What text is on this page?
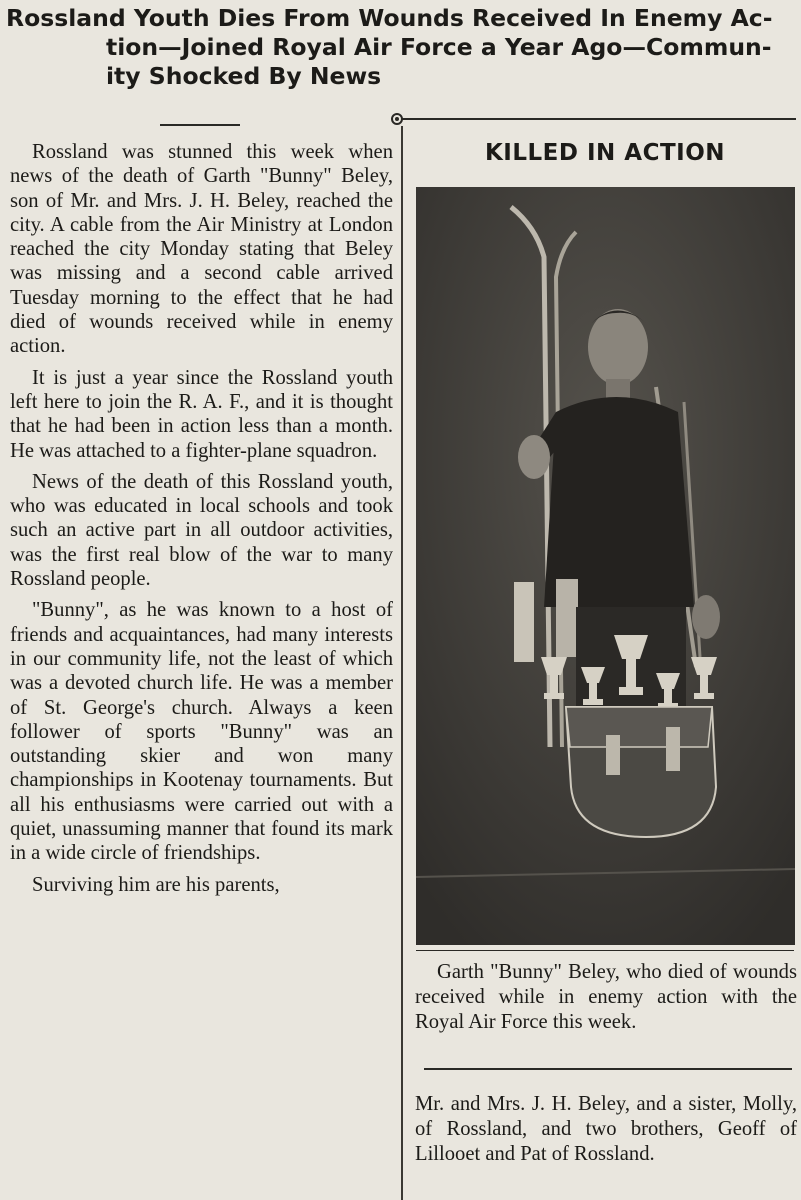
Rossland Youth Dies From Wounds Received In Enemy Ac-
tion—Joined Royal Air Force a Year Ago—Commun-
ity Shocked By News

Rossland was stunned this week when news of the death of Garth "Bunny" Beley, son of Mr. and Mrs. J. H. Beley, reached the city. A cable from the Air Ministry at London reached the city Monday stating that Beley was missing and a second cable arrived Tuesday morning to the effect that he had died of wounds received while in enemy action.

It is just a year since the Rossland youth left here to join the R. A. F., and it is thought that he had been in action less than a month. He was attached to a fighter-plane squadron.

News of the death of this Rossland youth, who was educated in local schools and took such an active part in all outdoor activities, was the first real blow of the war to many Rossland people.

"Bunny", as he was known to a host of friends and acquaintances, had many interests in our community life, not the least of which was a devoted church life. He was a member of St. George's church. Always a keen follower of sports "Bunny" was an outstanding skier and won many championships in Kootenay tournaments. But all his enthusiasms were carried out with a quiet, unassuming manner that found its mark in a wide circle of friendships.

Surviving him are his parents,

KILLED IN ACTION
Garth "Bunny" Beley, who died of wounds received while in enemy action with the Royal Air Force this week.
Mr. and Mrs. J. H. Beley, and a sister, Molly, of Rossland, and two brothers, Geoff of Lillooet and Pat of Rossland.
